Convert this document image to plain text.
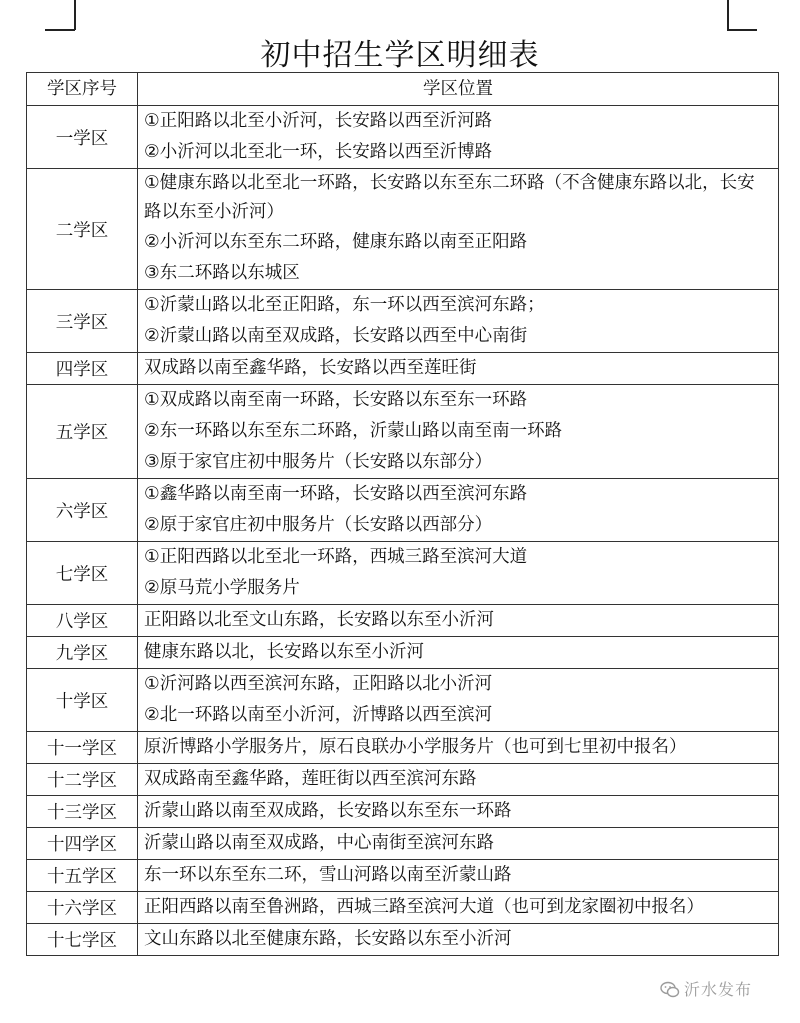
初中招生学区明细表
学区序号	学区位置
一学区	①正阳路以北至小沂河，长安路以西至沂河路
②小沂河以北至北一环，长安路以西至沂博路

二学区	①健康东路以北至北一环路，长安路以东至东二环路（不含健康东路以北，长安路以东至小沂河）
②小沂河以东至东二环路，健康东路以南至正阳路
③东二环路以东城区

三学区	①沂蒙山路以北至正阳路，东一环以西至滨河东路；
②沂蒙山路以南至双成路，长安路以西至中心南街

四学区	双成路以南至鑫华路，长安路以西至莲旺街

五学区	①双成路以南至南一环路，长安路以东至东一环路
②东一环路以东至东二环路，沂蒙山路以南至南一环路
③原于家官庄初中服务片（长安路以东部分）

六学区	①鑫华路以南至南一环路，长安路以西至滨河东路
②原于家官庄初中服务片（长安路以西部分）

七学区	①正阳西路以北至北一环路，西城三路至滨河大道
②原马荒小学服务片

八学区	正阳路以北至文山东路，长安路以东至小沂河

九学区	健康东路以北，长安路以东至小沂河

十学区	①沂河路以西至滨河东路，正阳路以北小沂河
②北一环路以南至小沂河，沂博路以西至滨河

十一学区	原沂博路小学服务片，原石良联办小学服务片（也可到七里初中报名）

十二学区	双成路南至鑫华路，莲旺街以西至滨河东路

十三学区	沂蒙山路以南至双成路，长安路以东至东一环路

十四学区	沂蒙山路以南至双成路，中心南街至滨河东路

十五学区	东一环以东至东二环，雪山河路以南至沂蒙山路

十六学区	正阳西路以南至鲁洲路，西城三路至滨河大道（也可到龙家圈初中报名）

十七学区	文山东路以北至健康东路，长安路以东至小沂河
沂水发布
